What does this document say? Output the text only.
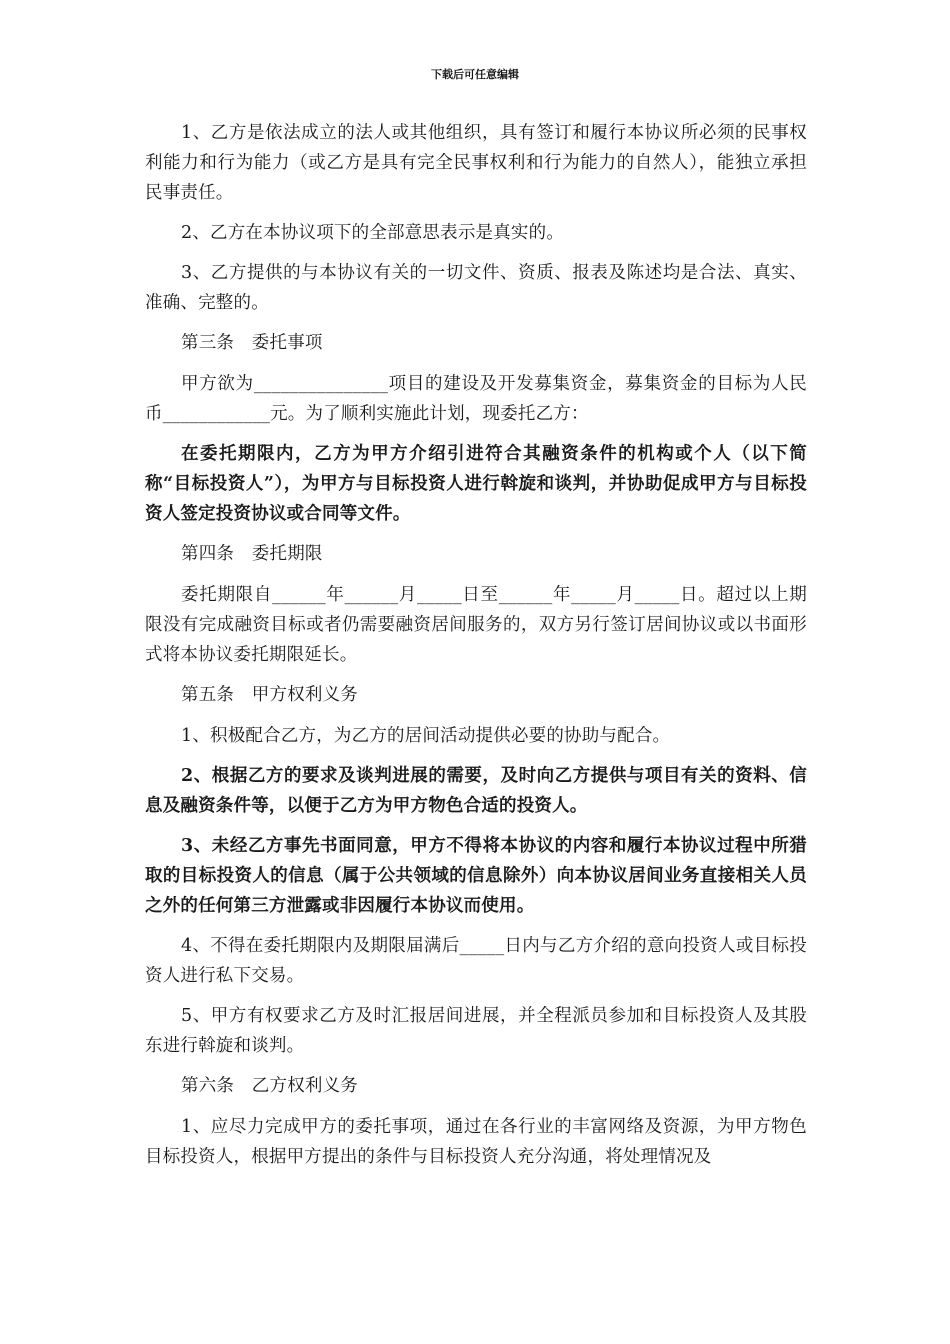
下载后可任意编辑

1、乙方是依法成立的法人或其他组织，具有签订和履行本协议所必须的民事权利能力和行为能力（或乙方是具有完全民事权利和行为能力的自然人），能独立承担民事责任。

2、乙方在本协议项下的全部意思表示是真实的。

3、乙方提供的与本协议有关的一切文件、资质、报表及陈述均是合法、真实、准确、完整的。

第三条　委托事项

甲方欲为_______________项目的建设及开发募集资金，募集资金的目标为人民币____________元。为了顺利实施此计划，现委托乙方：

在委托期限内，乙方为甲方介绍引进符合其融资条件的机构或个人（以下简称“目标投资人”），为甲方与目标投资人进行斡旋和谈判，并协助促成甲方与目标投资人签定投资协议或合同等文件。

第四条　委托期限

委托期限自______年______月_____日至______年_____月_____日。超过以上期限没有完成融资目标或者仍需要融资居间服务的，双方另行签订居间协议或以书面形式将本协议委托期限延长。

第五条　甲方权利义务

1、积极配合乙方，为乙方的居间活动提供必要的协助与配合。

2、根据乙方的要求及谈判进展的需要，及时向乙方提供与项目有关的资料、信息及融资条件等，以便于乙方为甲方物色合适的投资人。

3、未经乙方事先书面同意，甲方不得将本协议的内容和履行本协议过程中所猎取的目标投资人的信息（属于公共领域的信息除外）向本协议居间业务直接相关人员之外的任何第三方泄露或非因履行本协议而使用。

4、不得在委托期限内及期限届满后_____日内与乙方介绍的意向投资人或目标投资人进行私下交易。

5、甲方有权要求乙方及时汇报居间进展，并全程派员参加和目标投资人及其股东进行斡旋和谈判。

第六条　乙方权利义务

1、应尽力完成甲方的委托事项，通过在各行业的丰富网络及资源，为甲方物色目标投资人，根据甲方提出的条件与目标投资人充分沟通，将处理情况及
